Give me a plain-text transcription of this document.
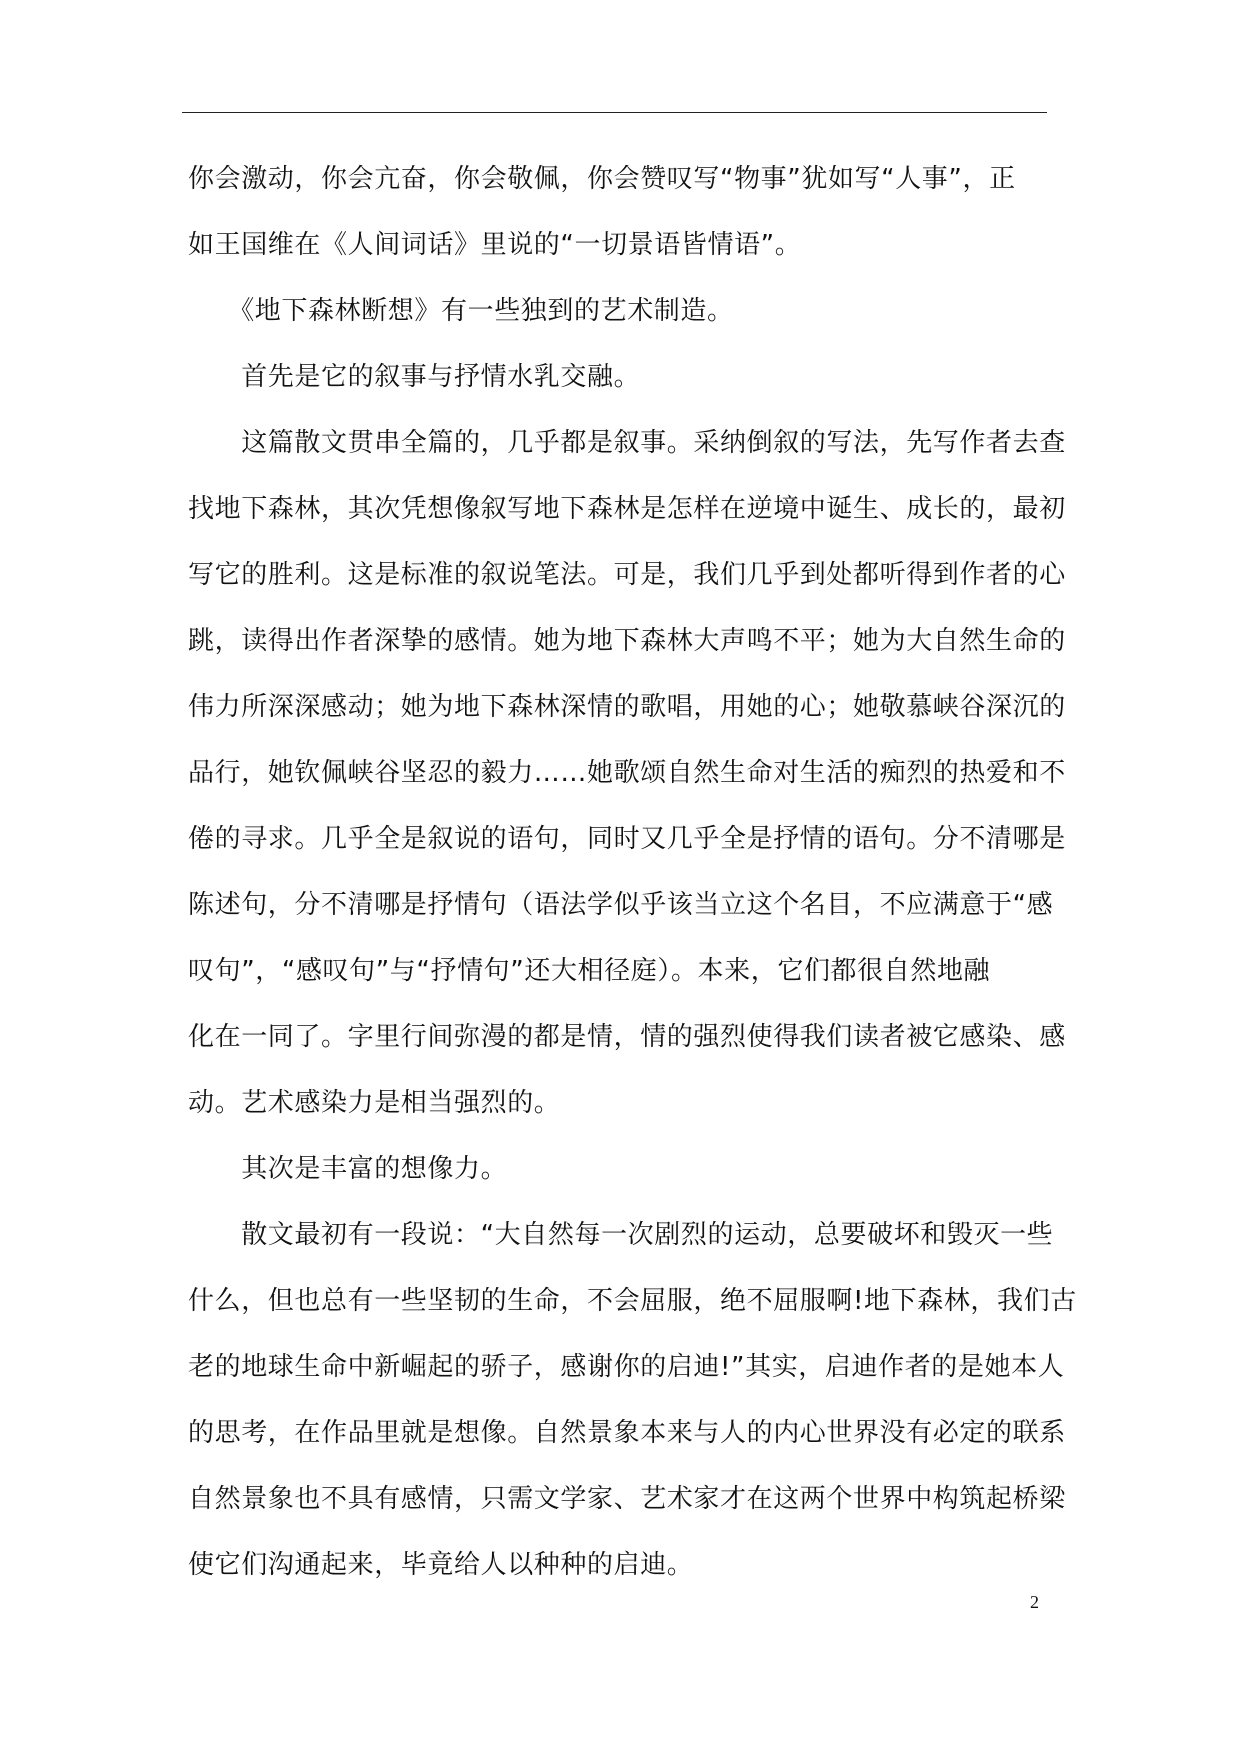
你会激动，你会亢奋，你会敬佩，你会赞叹写“物事”犹如写“人事”，正
如王国维在《人间词话》里说的“一切景语皆情语”。
　　《地下森林断想》有一些独到的艺术制造。
　　首先是它的叙事与抒情水乳交融。
　　这篇散文贯串全篇的，几乎都是叙事。采纳倒叙的写法，先写作者去查
找地下森林，其次凭想像叙写地下森林是怎样在逆境中诞生、成长的，最初
写它的胜利。这是标准的叙说笔法。可是，我们几乎到处都听得到作者的心
跳，读得出作者深挚的感情。她为地下森林大声鸣不平；她为大自然生命的
伟力所深深感动；她为地下森林深情的歌唱，用她的心；她敬慕峡谷深沉的
品行，她钦佩峡谷坚忍的毅力……她歌颂自然生命对生活的痴烈的热爱和不
倦的寻求。几乎全是叙说的语句，同时又几乎全是抒情的语句。分不清哪是
陈述句，分不清哪是抒情句（语法学似乎该当立这个名目，不应满意于“感
叹句”，“感叹句”与“抒情句”还大相径庭）。本来，它们都很自然地融
化在一同了。字里行间弥漫的都是情，情的强烈使得我们读者被它感染、感
动。艺术感染力是相当强烈的。
　　其次是丰富的想像力。
　　散文最初有一段说：“大自然每一次剧烈的运动，总要破坏和毁灭一些
什么，但也总有一些坚韧的生命，不会屈服，绝不屈服啊!地下森林，我们古
老的地球生命中新崛起的骄子，感谢你的启迪!”其实，启迪作者的是她本人
的思考，在作品里就是想像。自然景象本来与人的内心世界没有必定的联系
自然景象也不具有感情，只需文学家、艺术家才在这两个世界中构筑起桥梁
使它们沟通起来，毕竟给人以种种的启迪。
2
